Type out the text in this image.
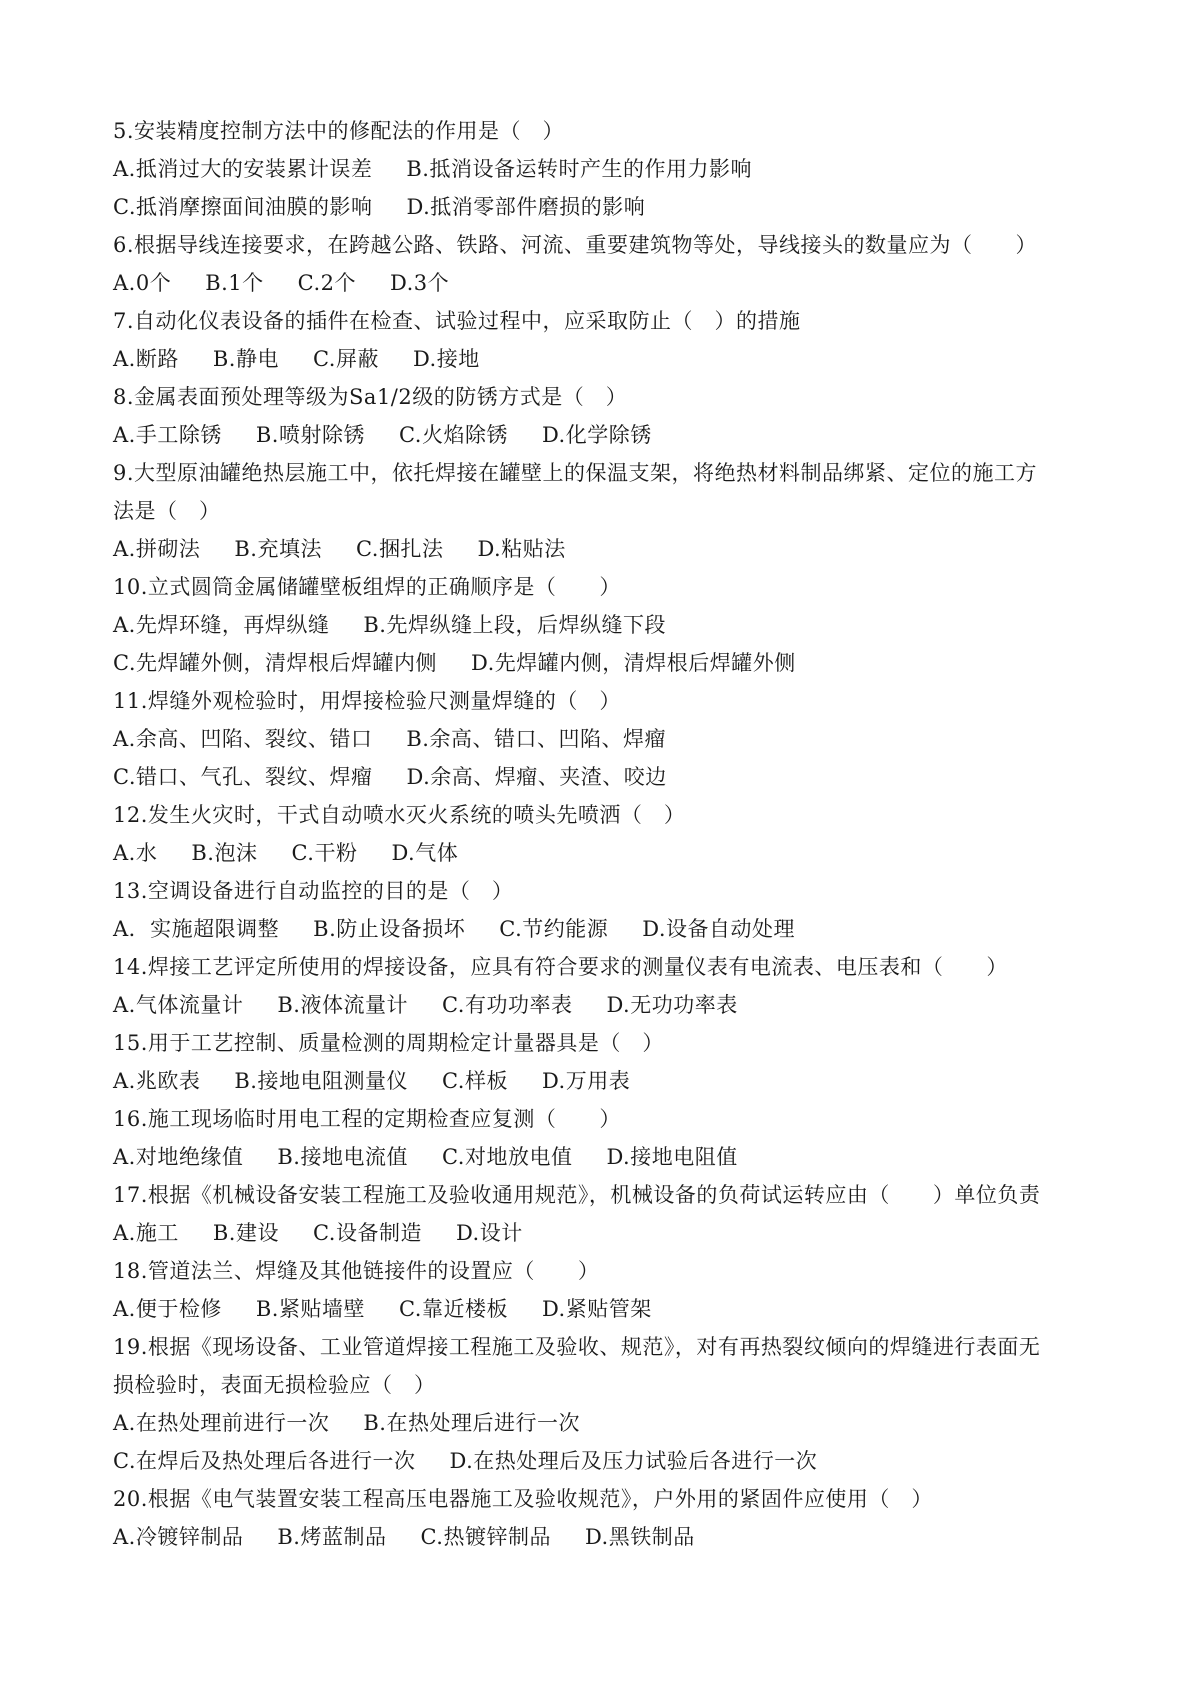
5.安装精度控制方法中的修配法的作用是（　）
A.抵消过大的安装累计误差 B.抵消设备运转时产生的作用力影响
C.抵消摩擦面间油膜的影响 D.抵消零部件磨损的影响
6.根据导线连接要求，在跨越公路、铁路、河流、重要建筑物等处，导线接头的数量应为（　　）
A.0个 B.1个 C.2个 D.3个
7.自动化仪表设备的插件在检查、试验过程中，应采取防止（　）的措施
A.断路 B.静电 C.屏蔽 D.接地
8.金属表面预处理等级为Sa1/2级的防锈方式是（　）
A.手工除锈 B.喷射除锈 C.火焰除锈 D.化学除锈
9.大型原油罐绝热层施工中，依托焊接在罐壁上的保温支架，将绝热材料制品绑紧、定位的施工方
法是（　）
A.拼砌法 B.充填法 C.捆扎法 D.粘贴法
10.立式圆筒金属储罐壁板组焊的正确顺序是（　　）
A.先焊环缝，再焊纵缝 B.先焊纵缝上段，后焊纵缝下段
C.先焊罐外侧，清焊根后焊罐内侧 D.先焊罐内侧，清焊根后焊罐外侧
11.焊缝外观检验时，用焊接检验尺测量焊缝的（　）
A.余高、凹陷、裂纹、错口 B.余高、错口、凹陷、焊瘤
C.错口、气孔、裂纹、焊瘤 D.余高、焊瘤、夹渣、咬边
12.发生火灾时，干式自动喷水灭火系统的喷头先喷洒（　）
A.水 B.泡沫 C.干粉 D.气体
13.空调设备进行自动监控的目的是（　）
A．实施超限调整 B.防止设备损坏 C.节约能源 D.设备自动处理
14.焊接工艺评定所使用的焊接设备，应具有符合要求的测量仪表有电流表、电压表和（　　）
A.气体流量计 B.液体流量计 C.有功功率表 D.无功功率表
15.用于工艺控制、质量检测的周期检定计量器具是（　）
A.兆欧表 B.接地电阻测量仪 C.样板 D.万用表
16.施工现场临时用电工程的定期检查应复测（　　）
A.对地绝缘值 B.接地电流值 C.对地放电值 D.接地电阻值
17.根据《机械设备安装工程施工及验收通用规范》，机械设备的负荷试运转应由（　　）单位负责
A.施工 B.建设 C.设备制造 D.设计
18.管道法兰、焊缝及其他链接件的设置应（　　）
A.便于检修 B.紧贴墙壁 C.靠近楼板 D.紧贴管架
19.根据《现场设备、工业管道焊接工程施工及验收、规范》，对有再热裂纹倾向的焊缝进行表面无
损检验时，表面无损检验应（　）
A.在热处理前进行一次 B.在热处理后进行一次
C.在焊后及热处理后各进行一次 D.在热处理后及压力试验后各进行一次
20.根据《电气装置安装工程高压电器施工及验收规范》，户外用的紧固件应使用（　）
A.冷镀锌制品 B.烤蓝制品 C.热镀锌制品 D.黑铁制品
